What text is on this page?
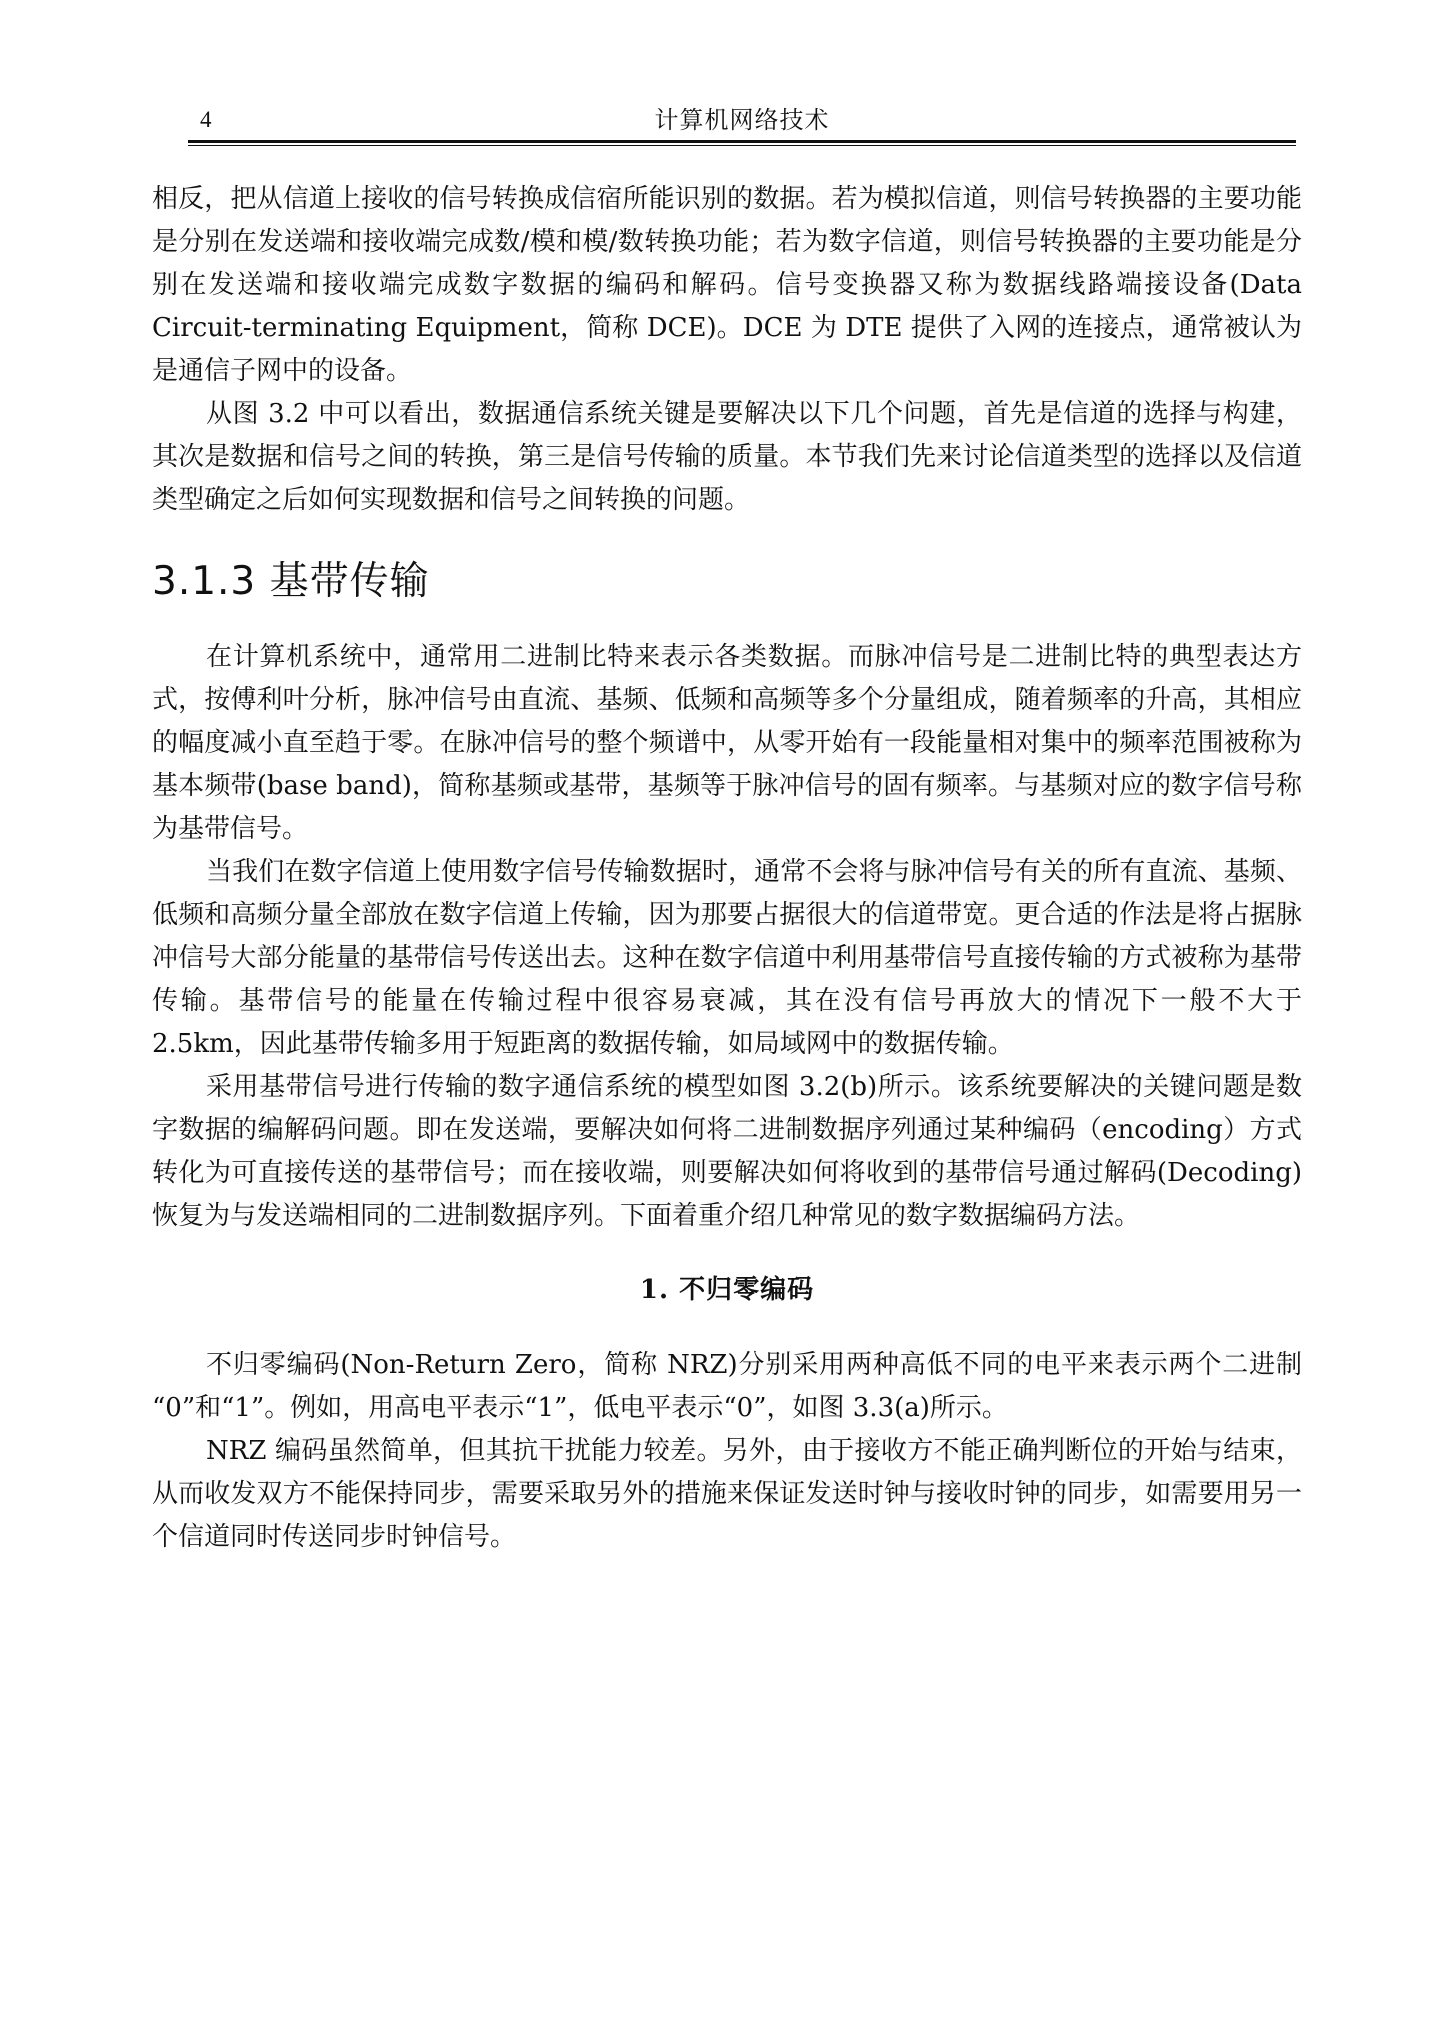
4	计算机网络技术

相反，把从信道上接收的信号转换成信宿所能识别的数据。若为模拟信道，则信号转换器的主要功能是分别在发送端和接收端完成数/模和模/数转换功能；若为数字信道，则信号转换器的主要功能是分别在发送端和接收端完成数字数据的编码和解码。信号变换器又称为数据线路端接设备(Data Circuit-terminating Equipment，简称 DCE)。DCE 为 DTE 提供了入网的连接点，通常被认为是通信子网中的设备。

从图 3.2 中可以看出，数据通信系统关键是要解决以下几个问题，首先是信道的选择与构建，其次是数据和信号之间的转换，第三是信号传输的质量。本节我们先来讨论信道类型的选择以及信道类型确定之后如何实现数据和信号之间转换的问题。

3.1.3 基带传输

在计算机系统中，通常用二进制比特来表示各类数据。而脉冲信号是二进制比特的典型表达方式，按傅利叶分析，脉冲信号由直流、基频、低频和高频等多个分量组成，随着频率的升高，其相应的幅度减小直至趋于零。在脉冲信号的整个频谱中，从零开始有一段能量相对集中的频率范围被称为基本频带(base band)，简称基频或基带，基频等于脉冲信号的固有频率。与基频对应的数字信号称为基带信号。

当我们在数字信道上使用数字信号传输数据时，通常不会将与脉冲信号有关的所有直流、基频、低频和高频分量全部放在数字信道上传输，因为那要占据很大的信道带宽。更合适的作法是将占据脉冲信号大部分能量的基带信号传送出去。这种在数字信道中利用基带信号直接传输的方式被称为基带传输。基带信号的能量在传输过程中很容易衰减，其在没有信号再放大的情况下一般不大于 2.5km，因此基带传输多用于短距离的数据传输，如局域网中的数据传输。

采用基带信号进行传输的数字通信系统的模型如图 3.2(b)所示。该系统要解决的关键问题是数字数据的编解码问题。即在发送端，要解决如何将二进制数据序列通过某种编码（encoding）方式转化为可直接传送的基带信号；而在接收端，则要解决如何将收到的基带信号通过解码(Decoding)恢复为与发送端相同的二进制数据序列。下面着重介绍几种常见的数字数据编码方法。

1. 不归零编码

不归零编码(Non-Return Zero，简称 NRZ)分别采用两种高低不同的电平来表示两个二进制 “0”和“1”。例如，用高电平表示“1”，低电平表示“0”，如图 3.3(a)所示。

NRZ 编码虽然简单，但其抗干扰能力较差。另外，由于接收方不能正确判断位的开始与结束，从而收发双方不能保持同步，需要采取另外的措施来保证发送时钟与接收时钟的同步，如需要用另一个信道同时传送同步时钟信号。
